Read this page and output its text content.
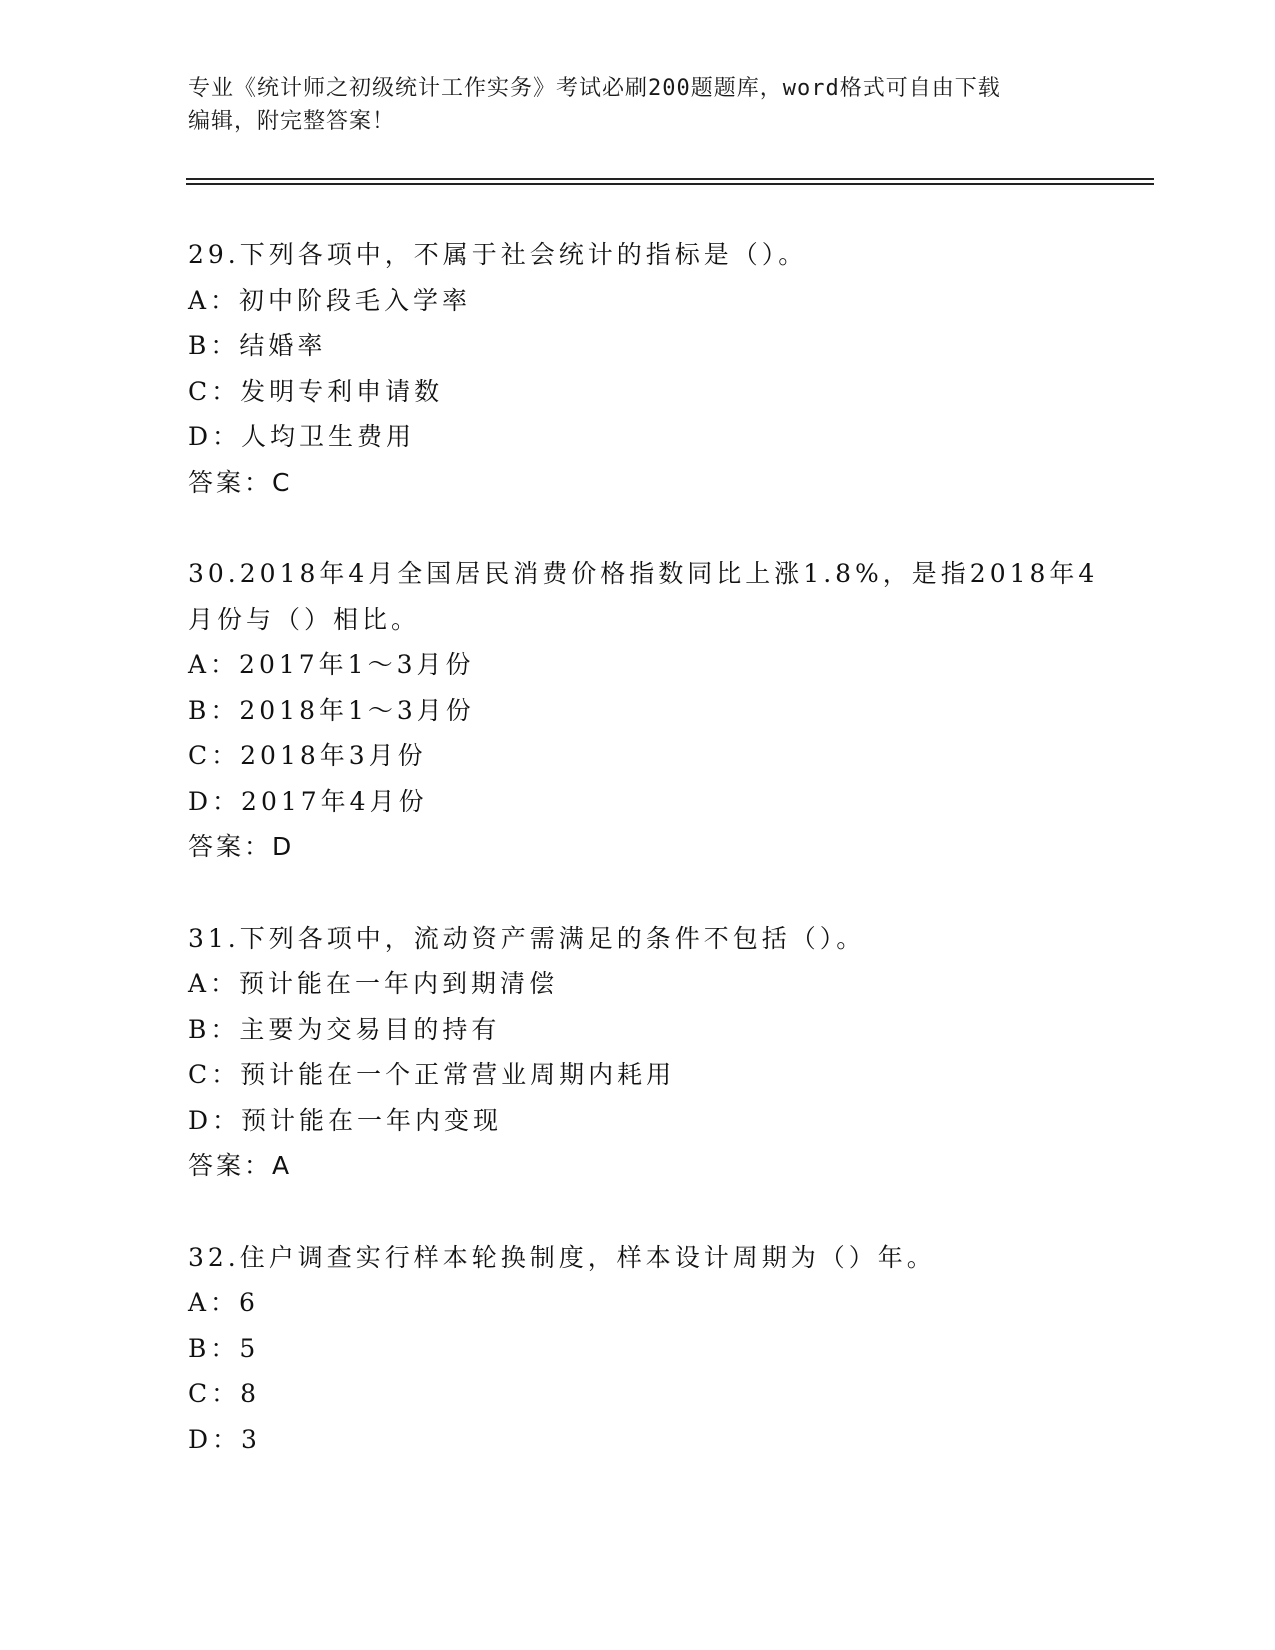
专业《统计师之初级统计工作实务》考试必刷200题题库，word格式可自由下载
编辑，附完整答案！

29.下列各项中，不属于社会统计的指标是（）。

A：初中阶段毛入学率
B：结婚率
C：发明专利申请数
D：人均卫生费用
答案：C

30.2018年4月全国居民消费价格指数同比上涨1.8%，是指2018年4
月份与（）相比。

A：2017年1～3月份
B：2018年1～3月份
C：2018年3月份
D：2017年4月份
答案：D

31.下列各项中，流动资产需满足的条件不包括（）。

A：预计能在一年内到期清偿
B：主要为交易目的持有
C：预计能在一个正常营业周期内耗用
D：预计能在一年内变现
答案：A

32.住户调查实行样本轮换制度，样本设计周期为（）年。

A：6
B：5
C：8
D：3
